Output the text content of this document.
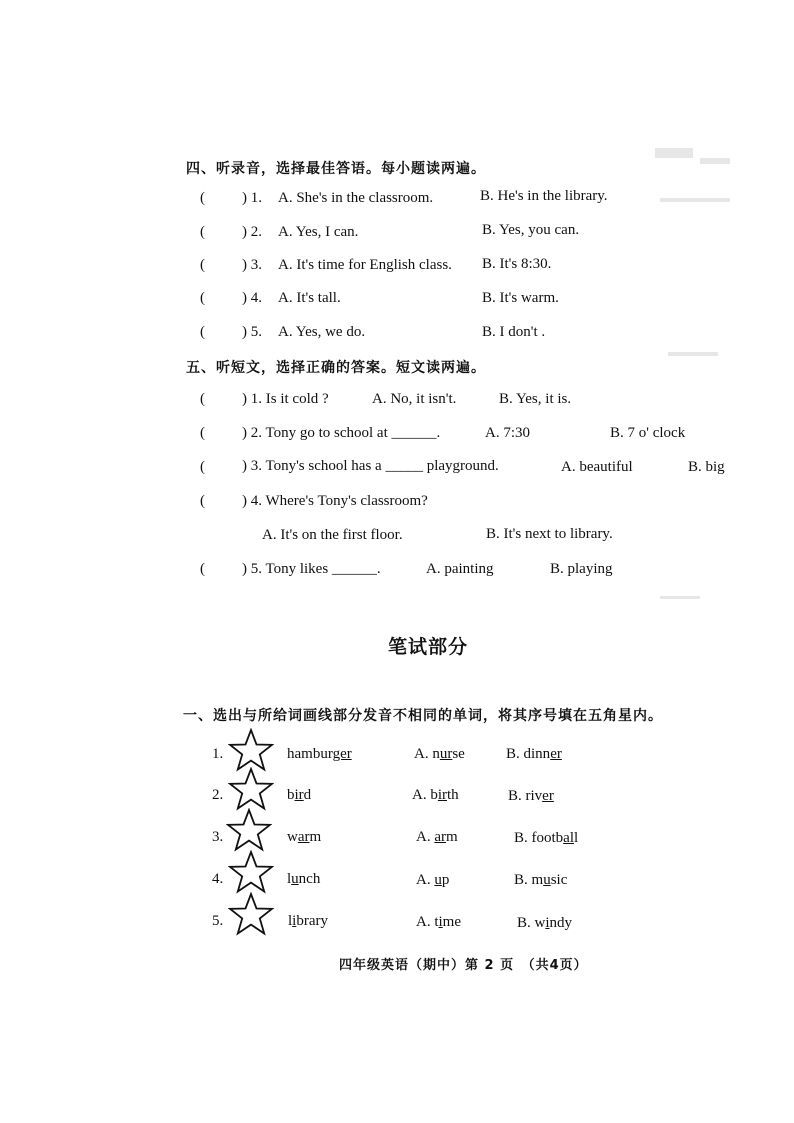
四、听录音，选择最佳答语。每小题读两遍。
( ) 1. A. She's in the classroom.	B. He's in the library.
( ) 2. A. Yes, I can.	B. Yes, you can.
( ) 3. A. It's time for English class. B. It's 8:30.
( ) 4. A. It's tall.	B. It's warm.
( ) 5. A. Yes, we do.	B. I don't .
五、听短文，选择正确的答案。短文读两遍。
( ) 1. Is it cold ?	A. No, it isn't.	B. Yes, it is.
( ) 2. Tony go to school at ______.	A. 7:30	B. 7 o' clock
( ) 3. Tony's school has a _____ playground.	A. beautiful	B. big
( ) 4. Where's Tony's classroom?
A. It's on the first floor.	B. It's next to library.
( ) 5. Tony likes ______.	A. painting	B. playing
笔试部分
一、选出与所给词画线部分发音不相同的单词，将其序号填在五角星内。
1.	hamburger	A. nurse	B. dinner
2.	bird	A. birth	B. river
3.	warm	A. arm	B. football
4.	lunch	A. up	B. music
5.	library	A. time	B. windy
四年级英语（期中）第 2 页　（共4页）
